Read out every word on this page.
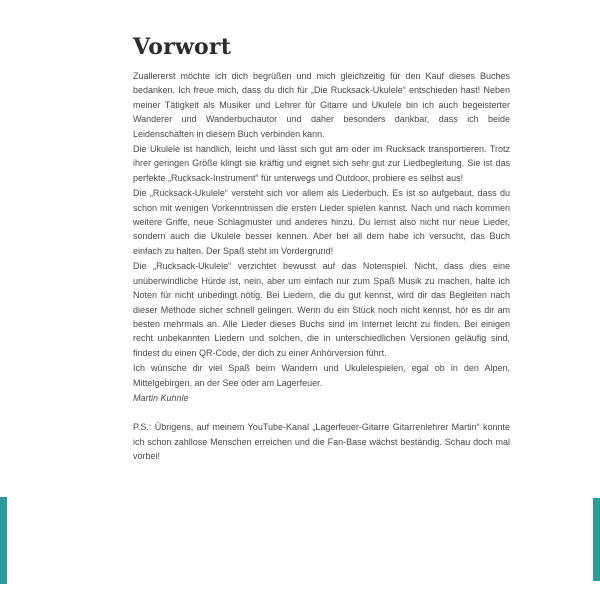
Vorwort

Zuallererst möchte ich dich begrüßen und mich gleichzeitig für den Kauf dieses Buches bedanken. Ich freue mich, dass du dich für „Die Rucksack-Ukulele“ entschieden hast! Neben meiner Tätigkeit als Musiker und Lehrer für Gitarre und Ukulele bin ich auch begeisterter Wanderer und Wanderbuchautor und daher besonders dankbar, dass ich beide Leidenschaften in diesem Buch verbinden kann.

Die Ukulele ist handlich, leicht und lässt sich gut am oder im Rucksack transportieren. Trotz ihrer geringen Größe klingt sie kräftig und eignet sich sehr gut zur Liedbegleitung. Sie ist das perfekte „Rucksack-Instrument“ für unterwegs und Outdoor, probiere es selbst aus!

Die „Rucksack-Ukulele“ versteht sich vor allem als Liederbuch. Es ist so aufgebaut, dass du schon mit wenigen Vorkenntnissen die ersten Lieder spielen kannst. Nach und nach kommen weitere Griffe, neue Schlagmuster und anderes hinzu. Du lernst also nicht nur neue Lieder, sondern auch die Ukulele besser kennen. Aber bei all dem habe ich versucht, das Buch einfach zu halten. Der Spaß steht im Vordergrund!

Die „Rucksack-Ukulele“ verzichtet bewusst auf das Notenspiel. Nicht, dass dies eine unüberwindliche Hürde ist, nein, aber um einfach nur zum Spaß Musik zu machen, halte ich Noten für nicht unbedingt nötig. Bei Liedern, die du gut kennst, wird dir das Begleiten nach dieser Methode sicher schnell gelingen. Wenn du ein Stück noch nicht kennst, hör es dir am besten mehrmals an. Alle Lieder dieses Buchs sind im Internet leicht zu finden. Bei einigen recht unbekannten Liedern und solchen, die in unterschiedlichen Versionen geläufig sind, findest du einen QR-Code, der dich zu einer Anhörversion führt.

Ich wünsche dir viel Spaß beim Wandern und Ukulelespielen, egal ob in den Alpen, Mittelgebirgen, an der See oder am Lagerfeuer.

Martin Kuhnle

P.S.: Übrigens, auf meinem YouTube-Kanal „Lagerfeuer-Gitarre Gitarrenlehrer Martin“ konnte ich schon zahllose Menschen erreichen und die Fan-Base wächst beständig. Schau doch mal vorbei!
